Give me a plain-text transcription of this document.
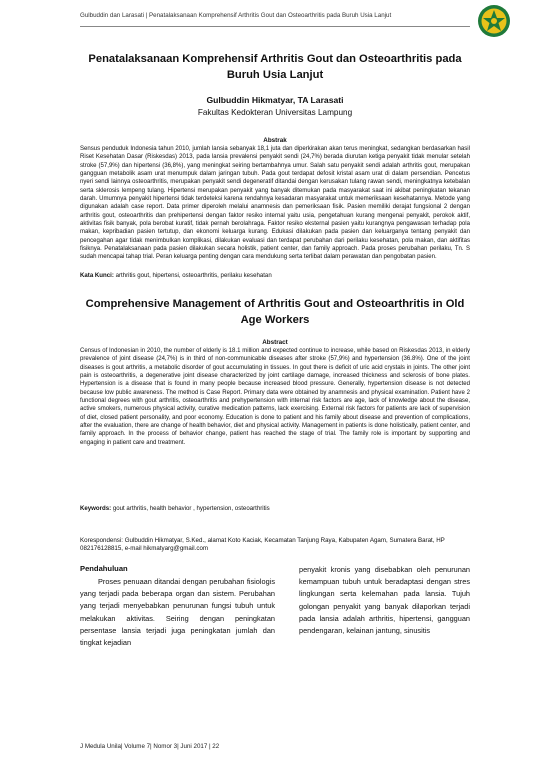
Gulbuddin dan Larasati | Penatalaksanaan Komprehensif Arthritis Gout dan Osteoarthritis pada Buruh Usia Lanjut
Penatalaksanaan Komprehensif Arthritis Gout dan Osteoarthritis pada Buruh Usia Lanjut
Gulbuddin Hikmatyar, TA Larasati
Fakultas Kedokteran Universitas Lampung
Abstrak

Sensus penduduk Indonesia tahun 2010, jumlah lansia sebanyak 18,1 juta dan diperkirakan akan terus meningkat, sedangkan berdasarkan hasil Riset Kesehatan Dasar (Riskesdas) 2013, pada lansia prevalensi penyakit sendi (24,7%) berada diurutan ketiga penyakit tidak menular setelah stroke (57,9%) dan hipertensi (36,8%), yang meningkat seiring bertambahnya umur. Salah satu penyakit sendi adalah arthritis gout, merupakan gangguan metabolik asam urat menumpuk dalam jaringan tubuh. Pada gout terdapat defosit kristal asam urat di dalam persendian. Pencetus nyeri sendi lainnya osteoarthritis, merupakan penyakit sendi degeneratif ditandai dengan kerusakan tulang rawan sendi, meningkatnya ketebalan serta sklerosis lempeng tulang. Hipertensi merupakan penyakit yang banyak ditemukan pada masyarakat saat ini akibat peningkatan tekanan darah. Umumnya penyakit hipertensi tidak terdeteksi karena rendahnya kesadaran masyarakat untuk memeriksaan kesehatannya. Metode yang digunakan adalah case report. Data primer diperoleh melalui anamnesis dan pemeriksaan fisik. Pasien memiliki derajat fungsional 2 dengan arthritis gout, osteoarthritis dan prehipertensi dengan faktor resiko internal yaitu usia, pengetahuan kurang mengenai penyakit, perokok aktif, aktivitas fisik banyak, pola berobat kuratif, tidak pernah berolahraga. Faktor resiko eksternal pasien yaitu kurangnya pengawasan terhadap pola makan, kepribadian pasien tertutup, dan ekonomi keluarga kurang. Edukasi dilakukan pada pasien dan keluarganya tentang penyakit dan pencegahan agar tidak menimbulkan komplikasi, dilakukan evaluasi dan terdapat perubahan dari perilaku kesehatan, pola makan, dan aktifitas fisiknya. Penatalaksanaan pada pasien dilakukan secara holistik, patient center, dan family approach. Pada proses perubahan perilaku, Tn. S sudah mencapai tahap trial. Peran keluarga penting dengan cara mendukung serta terlibat dalam perawatan dan pengobatan pasien.

Kata Kunci: arthritis gout, hipertensi, osteoarthritis, perilaku kesehatan
Comprehensive Management of Arthritis Gout and Osteoarthritis in Old Age Workers
Abstract

Census of Indonesian in 2010, the number of elderly is 18.1 million and expected continue to increase, while based on Riskesdas 2013, in elderly prevalence of joint disease (24,7%) is in third of non-communicable diseases after stroke (57,9%) and hypertension (36.8%). One of the joint diseases is gout arthritis, a metabolic disorder of gout accumulating in tissues. In gout there is deficit of uric acid crystals in joints. The other joint pain is osteoarthritis, a degenerative joint disease characterized by joint cartilage damage, increased thickness and sclerosis of bone plates. Hypertension is a disease that is found in many people because increased blood pressure. Generally, hypertension disease is not detected because low public awareness. The method is Case Report. Primary data were obtained by anamnesis and physical examination. Patient have 2 functional degrees with gout arthritis, osteoarthritis and prehypertension with internal risk factors are age, lack of knowledge about the disease, active smokers, numerous physical activity, curative medication patterns, lack exercising. External risk factors for patients are lack of supervision of diet, closed patient personality, and poor economy. Education is done to patient and his family about disease and prevention of complications, after the evaluation, there are change of health behavior, diet and physical activity. Management in patients is done holistically, patient center, and family approach. In the process of behavior change, patient has reached the stage of trial. The family role is important by supporting and engaging in patient care and treatment.

Keywords: gout arthritis, health behavior , hypertension, osteoarthritis
Korespondensi: Gulbuddin Hikmatyar, S.Ked., alamat Koto Kaciak, Kecamatan Tanjung Raya, Kabupaten Agam, Sumatera Barat, HP 082176128815, e-mail hikmatyarg@gmail.com
Pendahuluan

Proses penuaan ditandai dengan perubahan fisiologis yang terjadi pada beberapa organ dan sistem. Perubahan yang terjadi menyebabkan penurunan fungsi tubuh untuk melakukan aktivitas. Seiring dengan peningkatan persentase lansia terjadi juga peningkatan jumlah dan tingkat kejadian

penyakit kronis yang disebabkan oleh penurunan kemampuan tubuh untuk beradaptasi dengan stres lingkungan serta kelemahan pada lansia. Tujuh golongan penyakit yang banyak dilaporkan terjadi pada lansia adalah arthritis, hipertensi, gangguan pendengaran, kelainan jantung, sinusitis

J Medula Unila| Volume 7| Nomor 3| Juni 2017 | 22
